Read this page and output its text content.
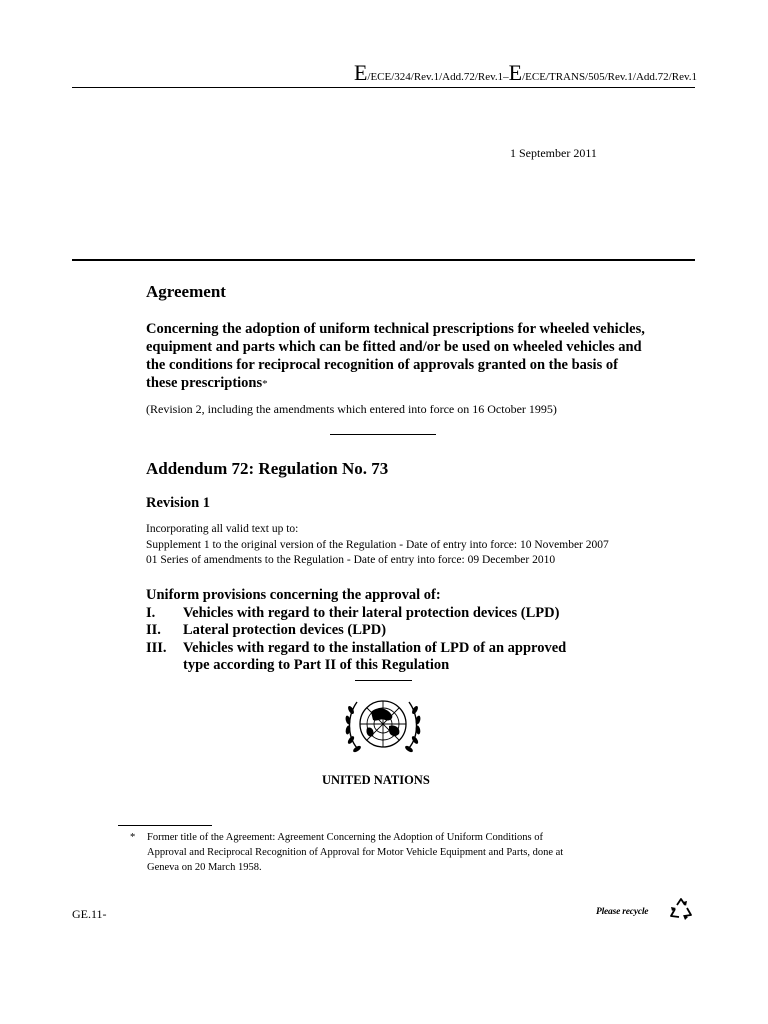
E/ECE/324/Rev.1/Add.72/Rev.1–E/ECE/TRANS/505/Rev.1/Add.72/Rev.1
1 September 2011
Agreement
Concerning the adoption of uniform technical prescriptions for wheeled vehicles, equipment and parts which can be fitted and/or be used on wheeled vehicles and the conditions for reciprocal recognition of approvals granted on the basis of these prescriptions*
(Revision 2, including the amendments which entered into force on 16 October 1995)
Addendum 72: Regulation No. 73
Revision 1
Incorporating all valid text up to:
Supplement 1 to the original version of the Regulation - Date of entry into force: 10 November 2007
01 Series of amendments to the Regulation - Date of entry into force: 09 December 2010
Uniform provisions concerning the approval of:
I.	Vehicles with regard to their lateral protection devices (LPD)
II.	Lateral protection devices (LPD)
III.	Vehicles with regard to the installation of LPD of an approved
type according to Part II of this Regulation
UNITED NATIONS
* Former title of the Agreement: Agreement Concerning the Adoption of Uniform Conditions of
Approval and Reciprocal Recognition of Approval for Motor Vehicle Equipment and Parts, done at
Geneva on 20 March 1958.
GE.11-	Please recycle
